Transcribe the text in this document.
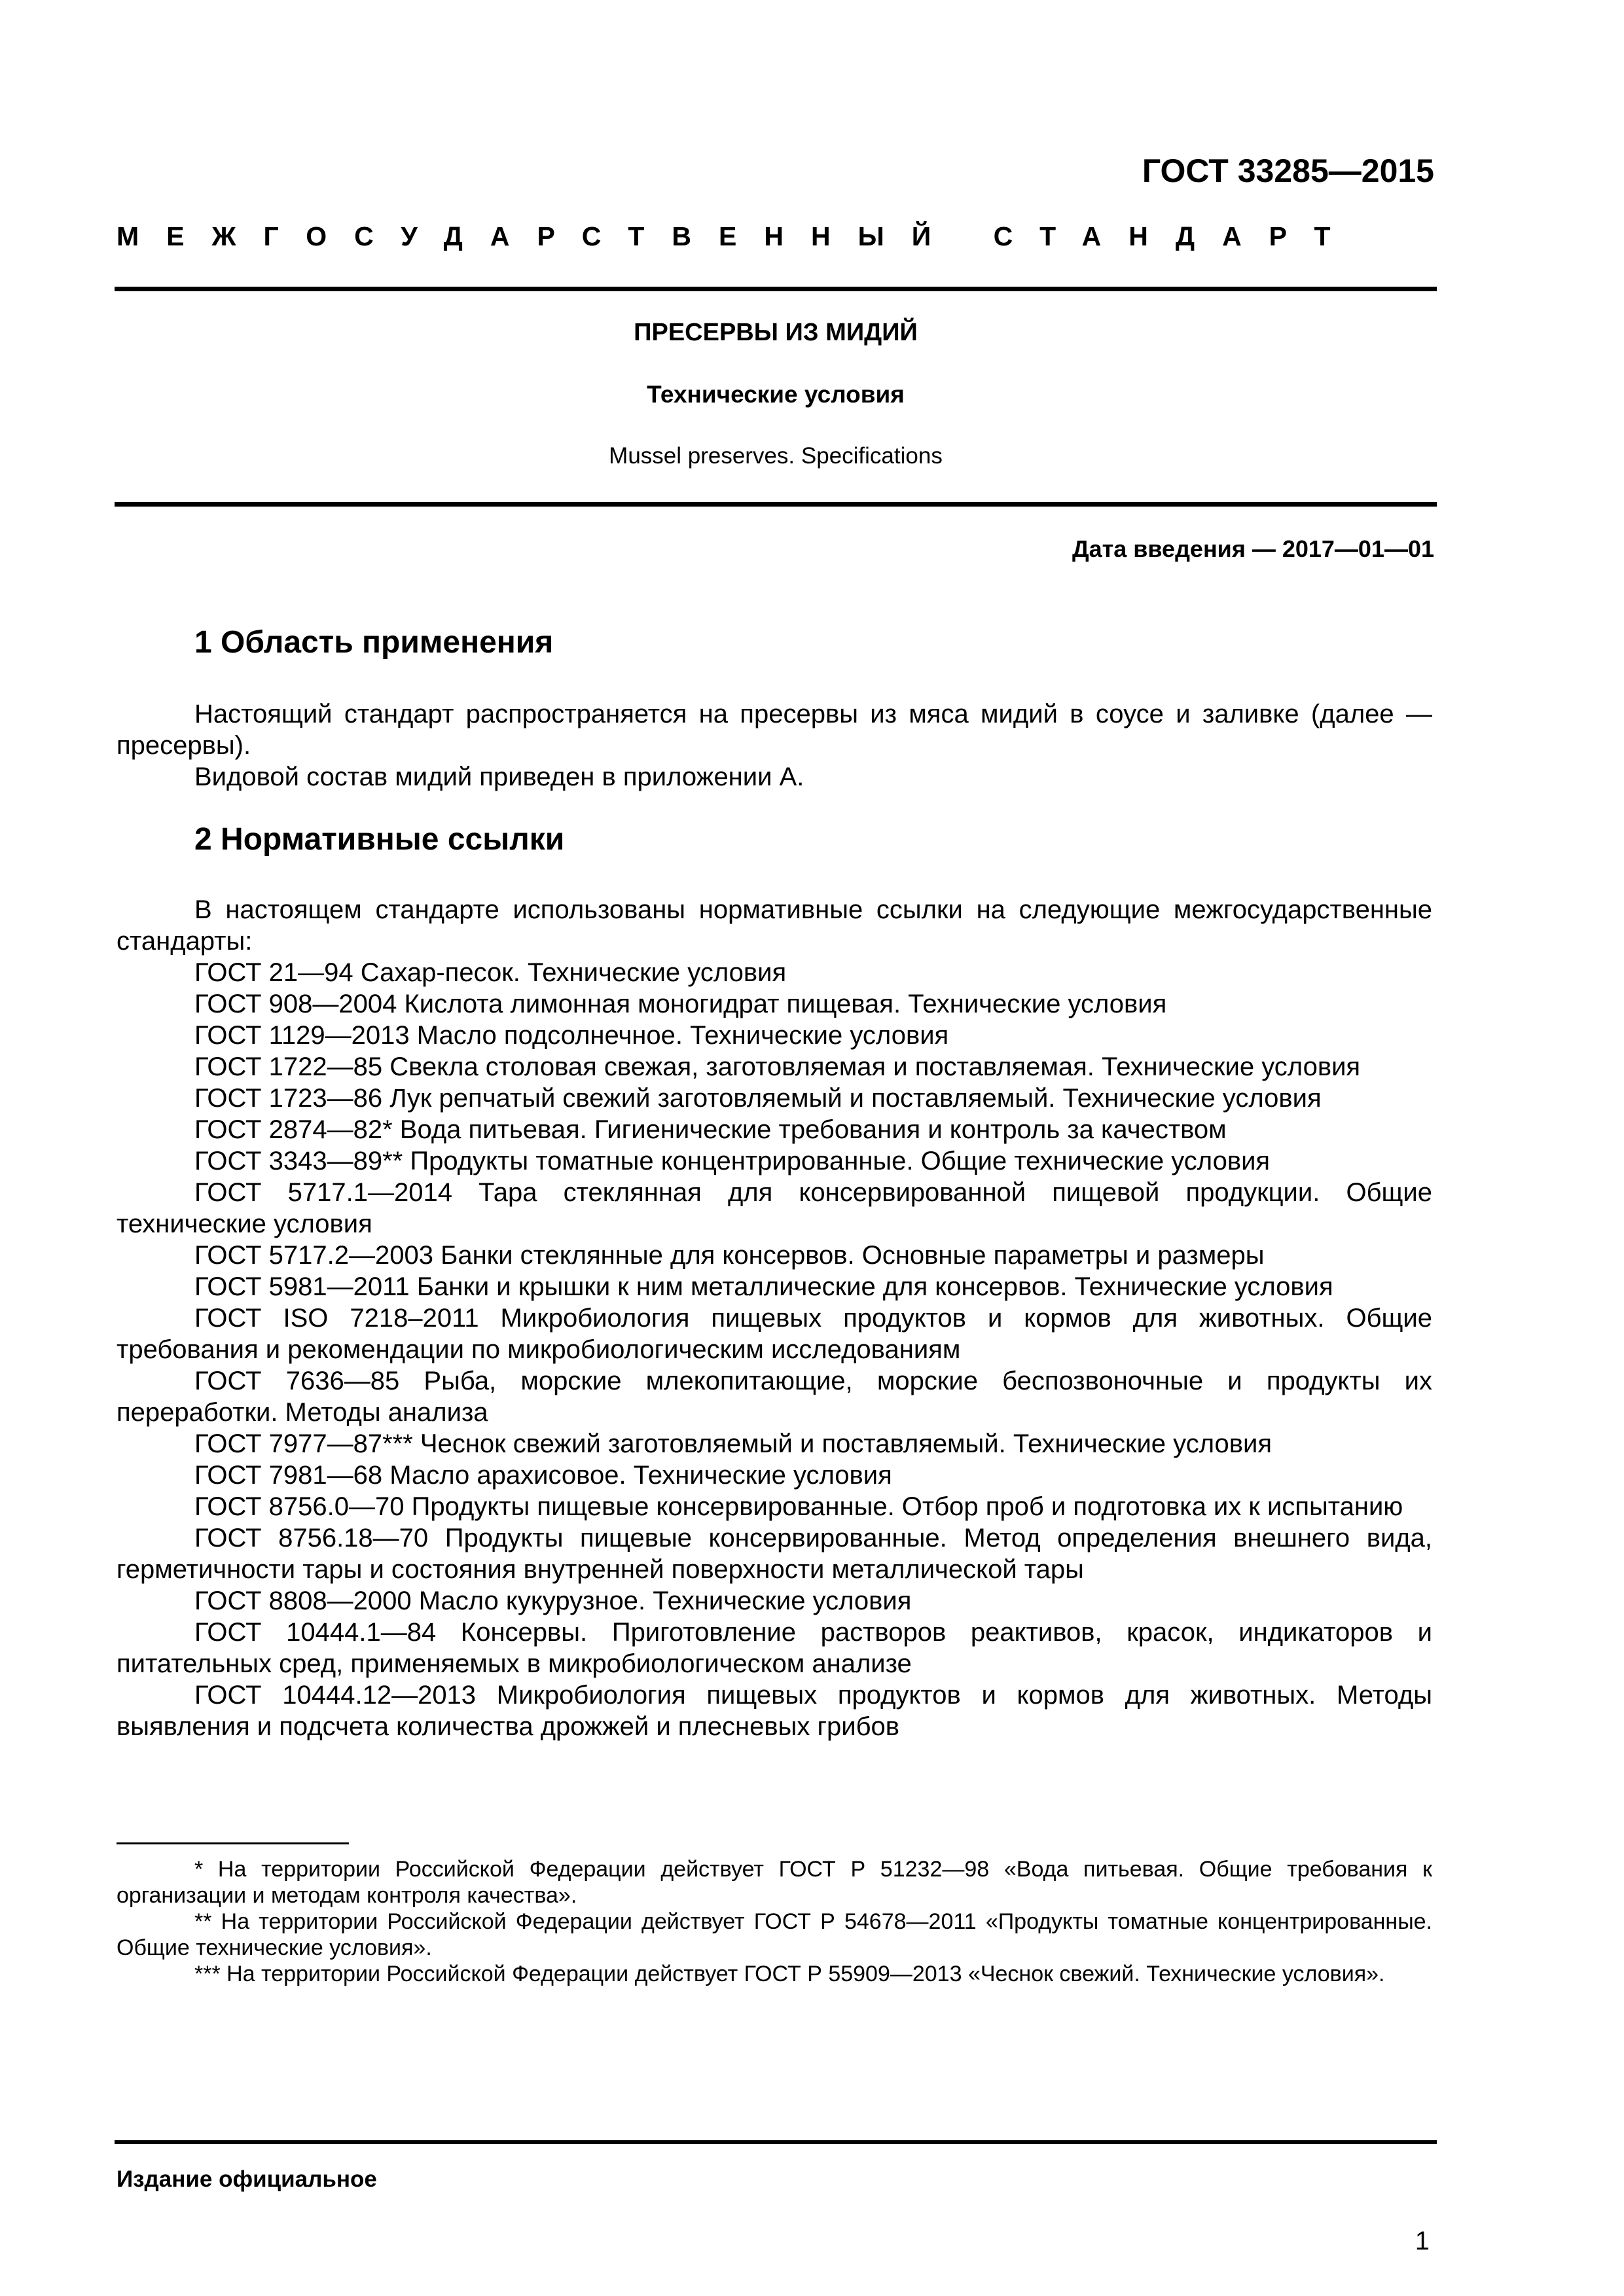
ГОСТ 33285—2015
МЕЖГОСУДАРСТВЕННЫЙ СТАНДАРТ
ПРЕСЕРВЫ ИЗ МИДИЙ
Технические условия
Mussel preserves. Specifications
Дата введения — 2017—01—01
1 Область применения

Настоящий стандарт распространяется на пресервы из мяса мидий в соусе и заливке (далее — пресервы).

Видовой состав мидий приведен в приложении А.

2 Нормативные ссылки

В настоящем стандарте использованы нормативные ссылки на следующие межгосударственные стандарты:

ГОСТ 21—94 Сахар-песок. Технические условия

ГОСТ 908—2004 Кислота лимонная моногидрат пищевая. Технические условия

ГОСТ 1129—2013 Масло подсолнечное. Технические условия

ГОСТ 1722—85 Свекла столовая свежая, заготовляемая и поставляемая. Технические условия

ГОСТ 1723—86 Лук репчатый свежий заготовляемый и поставляемый. Технические условия

ГОСТ 2874—82* Вода питьевая. Гигиенические требования и контроль за качеством

ГОСТ 3343—89** Продукты томатные концентрированные. Общие технические условия

ГОСТ 5717.1—2014 Тара стеклянная для консервированной пищевой продукции. Общие технические условия

ГОСТ 5717.2—2003 Банки стеклянные для консервов. Основные параметры и размеры

ГОСТ 5981—2011 Банки и крышки к ним металлические для консервов. Технические условия

ГОСТ ISO 7218–2011 Микробиология пищевых продуктов и кормов для животных. Общие требования и рекомендации по микробиологическим исследованиям

ГОСТ 7636—85 Рыба, морские млекопитающие, морские беспозвоночные и продукты их переработки. Методы анализа

ГОСТ 7977—87*** Чеснок свежий заготовляемый и поставляемый. Технические условия

ГОСТ 7981—68 Масло арахисовое. Технические условия

ГОСТ 8756.0—70 Продукты пищевые консервированные. Отбор проб и подготовка их к испытанию

ГОСТ 8756.18—70 Продукты пищевые консервированные. Метод определения внешнего вида, герметичности тары и состояния внутренней поверхности металлической тары

ГОСТ 8808—2000 Масло кукурузное. Технические условия

ГОСТ 10444.1—84 Консервы. Приготовление растворов реактивов, красок, индикаторов и питательных сред, применяемых в микробиологическом анализе

ГОСТ 10444.12—2013 Микробиология пищевых продуктов и кормов для животных. Методы выявления и подсчета количества дрожжей и плесневых грибов

* На территории Российской Федерации действует ГОСТ Р 51232—98 «Вода питьевая. Общие требования к организации и методам контроля качества».

** На территории Российской Федерации действует ГОСТ Р 54678—2011 «Продукты томатные концентрированные. Общие технические условия».

*** На территории Российской Федерации действует ГОСТ Р 55909—2013 «Чеснок свежий. Технические условия».

Издание официальное
1
